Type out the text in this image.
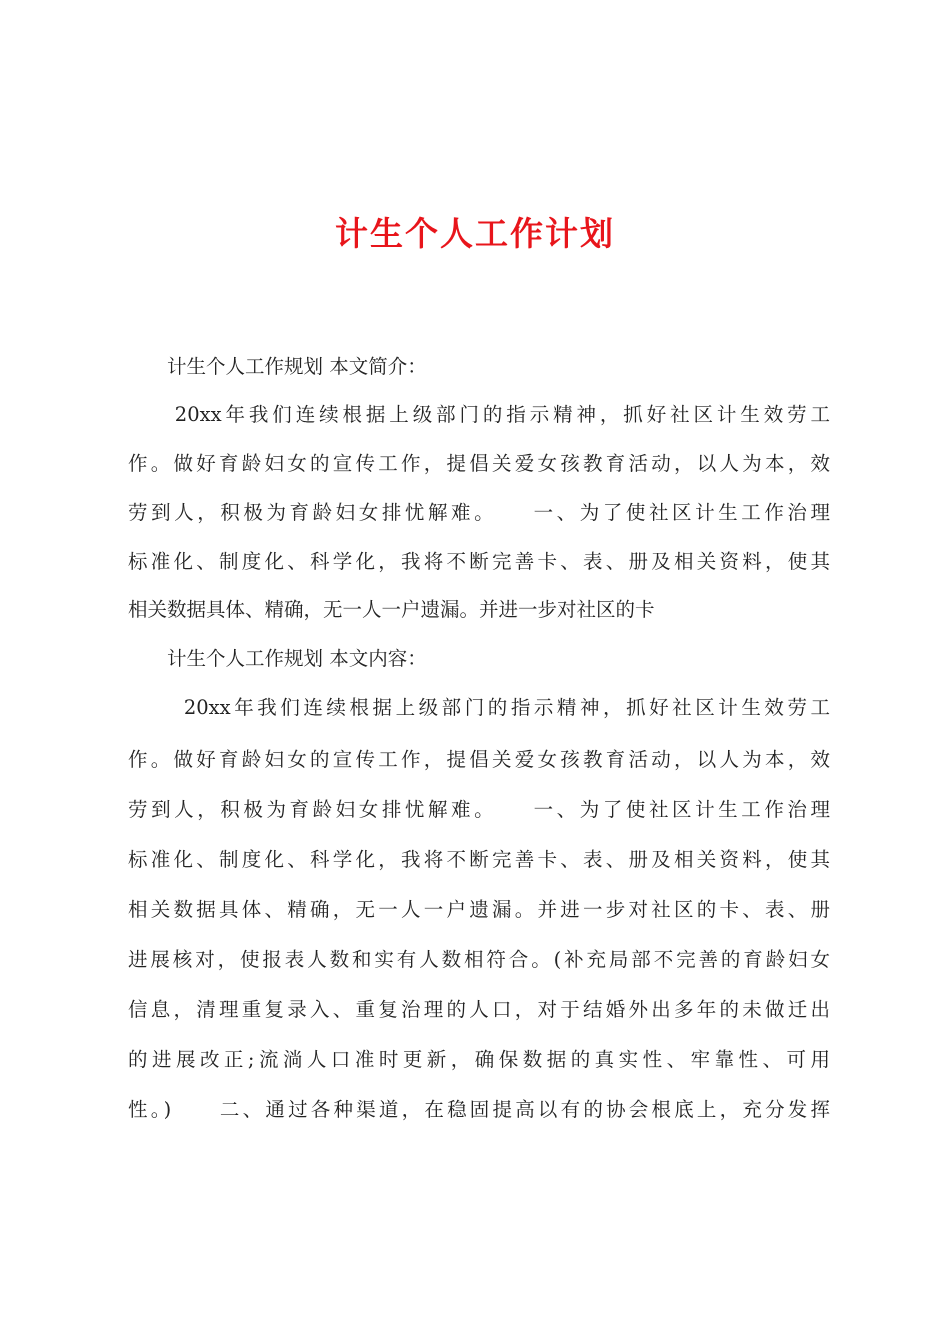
计生个人工作计划
　　计生个人工作规划 本文简介：
　　20xx年我们连续根据上级部门的指示精神，抓好社区计生效劳工
作。做好育龄妇女的宣传工作，提倡关爱女孩教育活动，以人为本，效
劳到人，积极为育龄妇女排忧解难。　　一、为了使社区计生工作治理
标准化、制度化、科学化，我将不断完善卡、表、册及相关资料，使其
相关数据具体、精确，无一人一户遗漏。并进一步对社区的卡
　　计生个人工作规划 本文内容：
　　 20xx年我们连续根据上级部门的指示精神，抓好社区计生效劳工
作。做好育龄妇女的宣传工作，提倡关爱女孩教育活动，以人为本，效
劳到人，积极为育龄妇女排忧解难。　　一、为了使社区计生工作治理
标准化、制度化、科学化，我将不断完善卡、表、册及相关资料，使其
相关数据具体、精确，无一人一户遗漏。并进一步对社区的卡、表、册
进展核对，使报表人数和实有人数相符合。(补充局部不完善的育龄妇女
信息，清理重复录入、重复治理的人口，对于结婚外出多年的未做迁出
的进展改正;流淌人口准时更新，确保数据的真实性、牢靠性、可用
性。)　　二、通过各种渠道，在稳固提高以有的协会根底上，充分发挥
